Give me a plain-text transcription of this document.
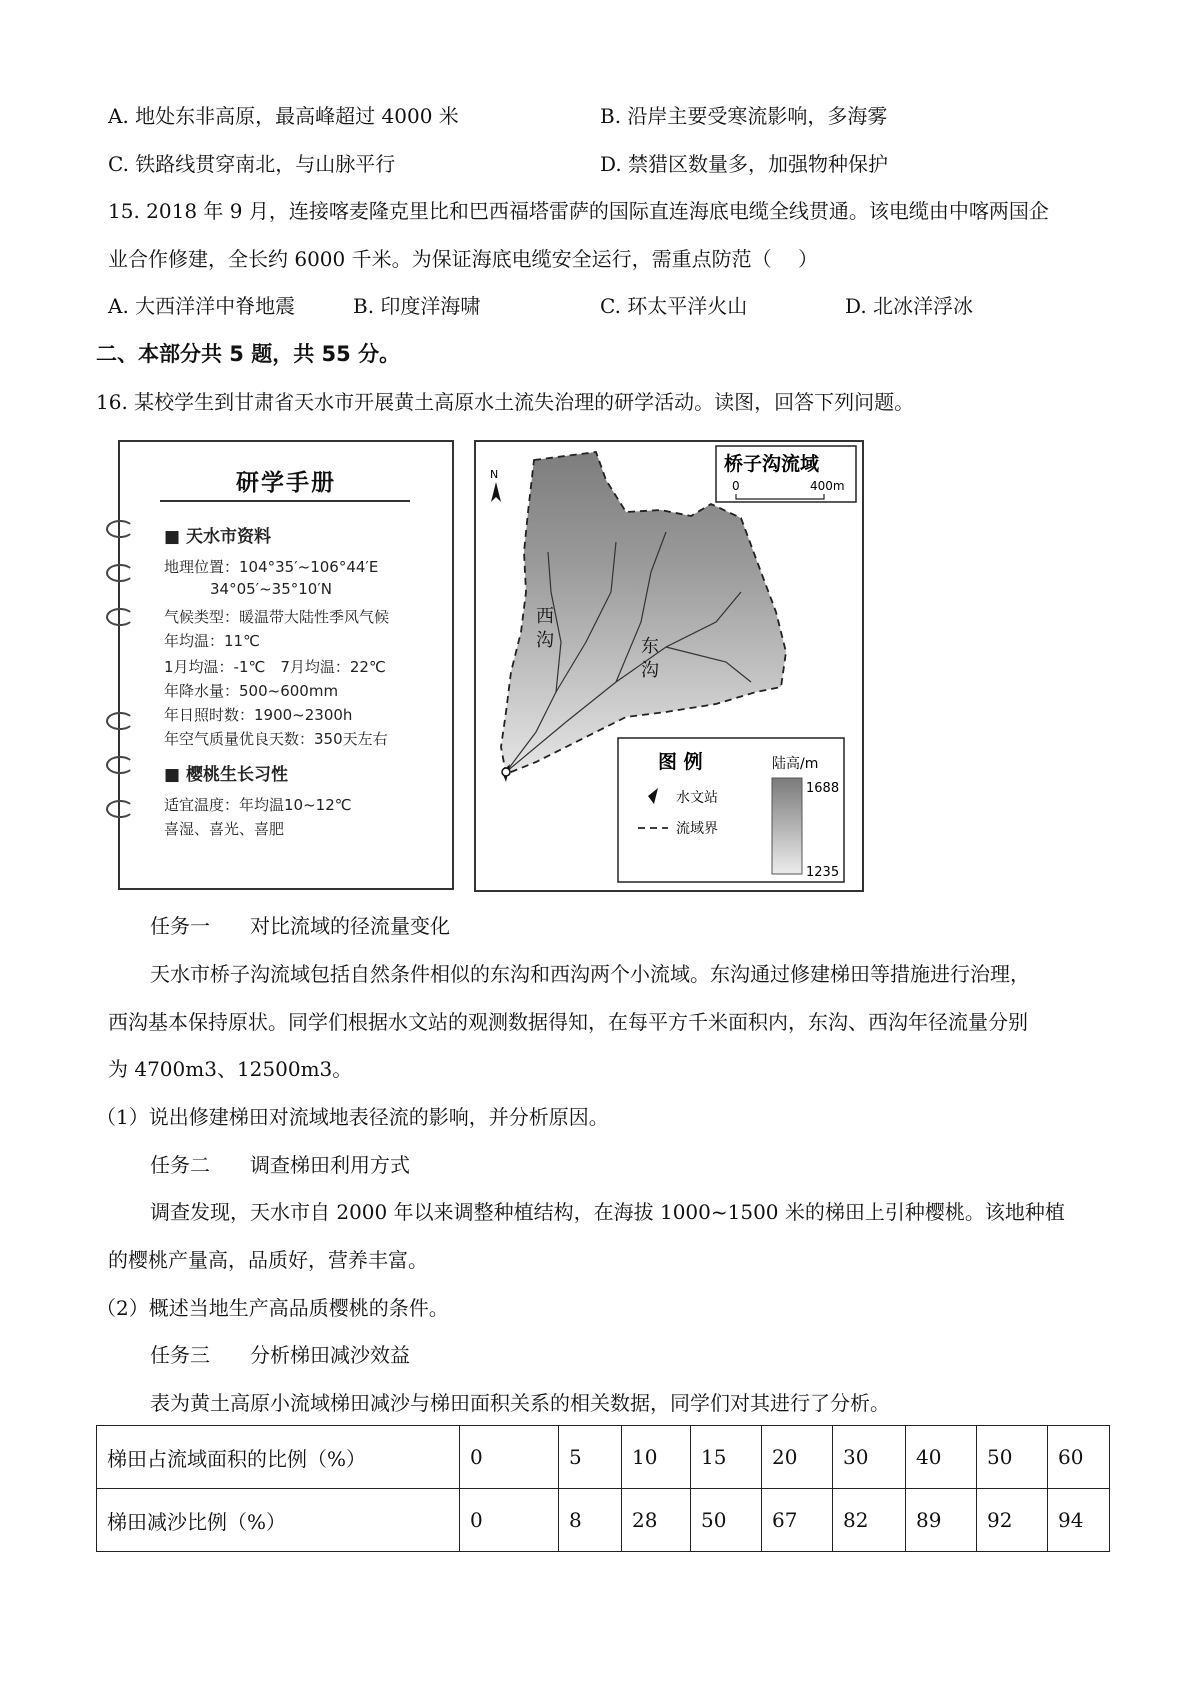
A. 地处东非高原，最高峰超过 4000 米	B. 沿岸主要受寒流影响，多海雾
C. 铁路线贯穿南北，与山脉平行	D. 禁猎区数量多，加强物种保护
15. 2018 年 9 月，连接喀麦隆克里比和巴西福塔雷萨的国际直连海底电缆全线贯通。该电缆由中喀两国企
业合作修建，全长约 6000 千米。为保证海底电缆安全运行，需重点防范（　 ）
A. 大西洋洋中脊地震	B. 印度洋海啸	C. 环太平洋火山	D. 北冰洋浮冰
二、本部分共 5 题，共 55 分。
16. 某校学生到甘肃省天水市开展黄土高原水土流失治理的研学活动。读图，回答下列问题。
研学手册
■ 天水市资料
地理位置：104°35′~106°44′E
34°05′~35°10′N
气候类型：暖温带大陆性季风气候
年均温：11℃
1月均温：-1℃　7月均温：22℃
年降水量：500~600mm
年日照时数：1900~2300h
年空气质量优良天数：350天左右
■ 樱桃生长习性
适宜温度：年均温10~12℃
喜湿、喜光、喜肥
西
沟	东
沟
N	桥子沟流域
0	400m
图 例	陆高/m
水文站
流域界
1688
1235
任务一　　对比流域的径流量变化
天水市桥子沟流域包括自然条件相似的东沟和西沟两个小流域。东沟通过修建梯田等措施进行治理，
西沟基本保持原状。同学们根据水文站的观测数据得知，在每平方千米面积内，东沟、西沟年径流量分别
为 4700m3、12500m3。
（1）说出修建梯田对流域地表径流的影响，并分析原因。
任务二　　调查梯田利用方式
调查发现，天水市自 2000 年以来调整种植结构，在海拔 1000~1500 米的梯田上引种樱桃。该地种植
的樱桃产量高，品质好，营养丰富。
（2）概述当地生产高品质樱桃的条件。
任务三　　分析梯田减沙效益
表为黄土高原小流域梯田减沙与梯田面积关系的相关数据，同学们对其进行了分析。
梯田占流域面积的比例（%）	0	5	10	15	20	30	40	50	60
梯田减沙比例（%）	0	8	28	50	67	82	89	92	94
